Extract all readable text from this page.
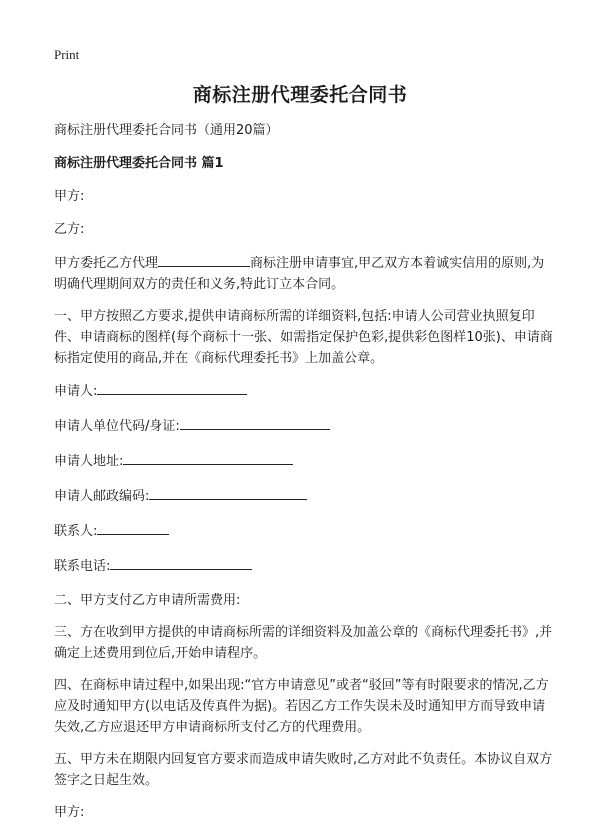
Print
商标注册代理委托合同书

商标注册代理委托合同书（通用20篇）

商标注册代理委托合同书 篇1

甲方:

乙方:

甲方委托乙方代理	商标注册申请事宜,甲乙双方本着诚实信用的原则,为明确代理期间双方的责任和义务,特此订立本合同。

一、甲方按照乙方要求,提供申请商标所需的详细资料,包括:申请人公司营业执照复印件、申请商标的图样(每个商标十一张、如需指定保护色彩,提供彩色图样10张)、申请商标指定使用的商品,并在《商标代理委托书》上加盖公章。

申请人:

申请人单位代码/身证:

申请人地址:

申请人邮政编码:

联系人:

联系电话:

二、甲方支付乙方申请所需费用:

三、方在收到甲方提供的申请商标所需的详细资料及加盖公章的《商标代理委托书》,并确定上述费用到位后,开始申请程序。

四、在商标申请过程中,如果出现:“官方申请意见”或者“驳回”等有时限要求的情况,乙方应及时通知甲方(以电话及传真件为据)。若因乙方工作失误未及时通知甲方而导致申请失效,乙方应退还甲方申请商标所支付乙方的代理费用。

五、甲方未在期限内回复官方要求而造成申请失败时,乙方对此不负责任。本协议自双方签字之日起生效。

甲方:
